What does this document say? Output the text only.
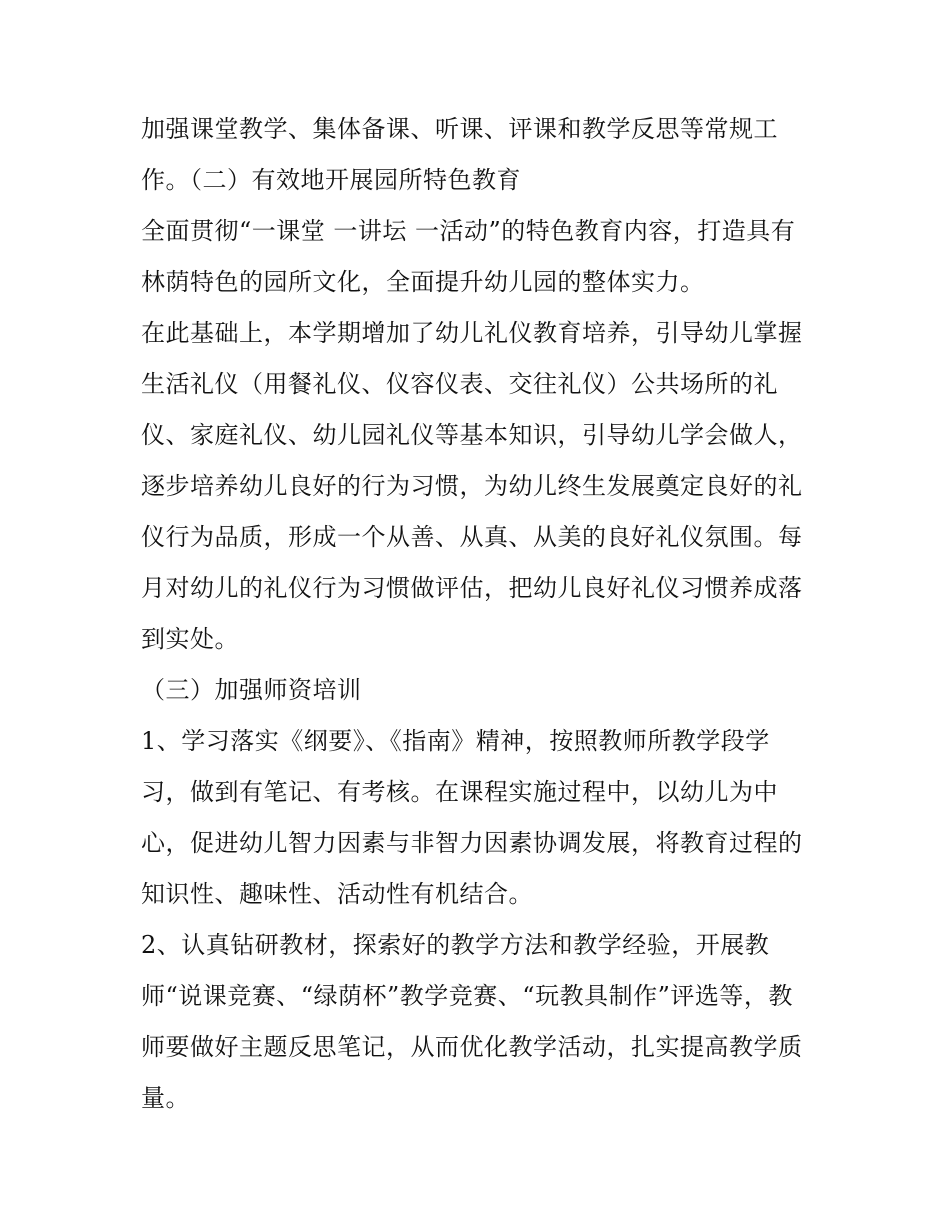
加强课堂教学、集体备课、听课、评课和教学反思等常规工
作。（二）有效地开展园所特色教育
全面贯彻“一课堂 一讲坛 一活动”的特色教育内容，打造具有
林荫特色的园所文化，全面提升幼儿园的整体实力。
在此基础上，本学期增加了幼儿礼仪教育培养，引导幼儿掌握
生活礼仪（用餐礼仪、仪容仪表、交往礼仪）公共场所的礼
仪、家庭礼仪、幼儿园礼仪等基本知识，引导幼儿学会做人，
逐步培养幼儿良好的行为习惯，为幼儿终生发展奠定良好的礼
仪行为品质，形成一个从善、从真、从美的良好礼仪氛围。每
月对幼儿的礼仪行为习惯做评估，把幼儿良好礼仪习惯养成落
到实处。
（三）加强师资培训
1、学习落实《纲要》、《指南》精神，按照教师所教学段学
习，做到有笔记、有考核。在课程实施过程中，以幼儿为中
心，促进幼儿智力因素与非智力因素协调发展，将教育过程的
知识性、趣味性、活动性有机结合。
2、认真钻研教材，探索好的教学方法和教学经验，开展教
师“说课竞赛、“绿荫杯”教学竞赛、“玩教具制作”评选等，教
师要做好主题反思笔记，从而优化教学活动，扎实提高教学质
量。
